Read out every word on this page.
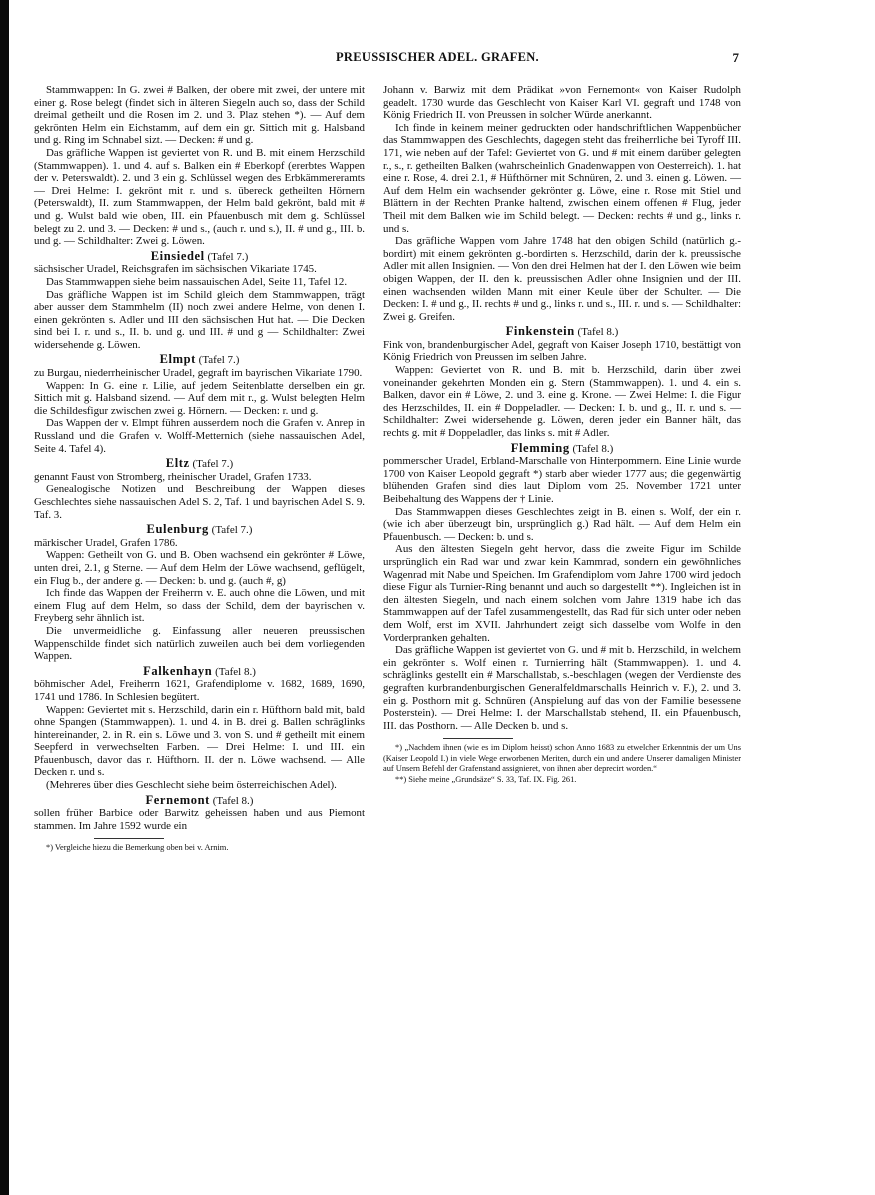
PREUSSISCHER ADEL. GRAFEN.	7

Stammwappen: In G. zwei # Balken, der obere mit zwei, der untere mit einer g. Rose belegt (findet sich in älteren Siegeln auch so, dass der Schild dreimal getheilt und die Rosen im 2. und 3. Plaz stehen *). — Auf dem gekrönten Helm ein Eichstamm, auf dem ein gr. Sittich mit g. Halsband und g. Ring im Schnabel sizt. — Decken: # und g.

Das gräfliche Wappen ist geviertet von R. und B. mit einem Herzschild (Stammwappen). 1. und 4. auf s. Balken ein # Eberkopf (ererbtes Wappen der v. Peterswaldt). 2. und 3 ein g. Schlüssel wegen des Erbkämmereramts — Drei Helme: I. gekrönt mit r. und s. übereck getheilten Hörnern (Peterswaldt), II. zum Stammwappen, der Helm bald gekrönt, bald mit # und g. Wulst bald wie oben, III. ein Pfauenbusch mit dem g. Schlüssel belegt zu 2. und 3. — Decken: # und s., (auch r. und s.), II. # und g., III. b. und g. — Schildhalter: Zwei g. Löwen.

Einsiedel (Tafel 7.)

sächsischer Uradel, Reichsgrafen im sächsischen Vikariate 1745.

Das Stammwappen siehe beim nassauischen Adel, Seite 11, Tafel 12.

Das gräfliche Wappen ist im Schild gleich dem Stammwappen, trägt aber ausser dem Stammhelm (II) noch zwei andere Helme, von denen I. einen gekrönten s. Adler und III den sächsischen Hut hat. — Die Decken sind bei I. r. und s., II. b. und g. und III. # und g — Schildhalter: Zwei widersehende g. Löwen.

Elmpt (Tafel 7.)

zu Burgau, niederrheinischer Uradel, gegraft im bayrischen Vikariate 1790.

Wappen: In G. eine r. Lilie, auf jedem Seitenblatte derselben ein gr. Sittich mit g. Halsband sizend. — Auf dem mit r., g. Wulst belegten Helm die Schildesfigur zwischen zwei g. Hörnern. — Decken: r. und g.

Das Wappen der v. Elmpt führen ausserdem noch die Grafen v. Anrep in Russland und die Grafen v. Wolff-Metternich (siehe nassauischen Adel, Seite 4. Tafel 4).

Eltz (Tafel 7.)

genannt Faust von Stromberg, rheinischer Uradel, Grafen 1733.

Genealogische Notizen und Beschreibung der Wappen dieses Geschlechtes siehe nassauischen Adel S. 2, Taf. 1 und bayrischen Adel S. 9. Taf. 3.

Eulenburg (Tafel 7.)

märkischer Uradel, Grafen 1786.

Wappen: Getheilt von G. und B. Oben wachsend ein gekrönter # Löwe, unten drei, 2.1, g Sterne. — Auf dem Helm der Löwe wachsend, geflügelt, ein Flug b., der andere g. — Decken: b. und g. (auch #, g)

Ich finde das Wappen der Freiherrn v. E. auch ohne die Löwen, und mit einem Flug auf dem Helm, so dass der Schild, dem der bayrischen v. Freyberg sehr ähnlich ist.

Die unvermeidliche g. Einfassung aller neueren preussischen Wappenschilde findet sich natürlich zuweilen auch bei dem vorliegenden Wappen.

Falkenhayn (Tafel 8.)

böhmischer Adel, Freiherrn 1621, Grafendiplome v. 1682, 1689, 1690, 1741 und 1786. In Schlesien begütert.

Wappen: Geviertet mit s. Herzschild, darin ein r. Hüfthorn bald mit, bald ohne Spangen (Stammwappen). 1. und 4. in B. drei g. Ballen schräglinks hintereinander, 2. in R. ein s. Löwe und 3. von S. und # getheilt mit einem Seepferd in verwechselten Farben. — Drei Helme: I. und III. ein Pfauenbusch, davor das r. Hüfthorn. II. der n. Löwe wachsend. — Alle Decken r. und s.

(Mehreres über dies Geschlecht siehe beim österreichischen Adel).

Fernemont (Tafel 8.)

sollen früher Barbice oder Barwitz geheissen haben und aus Piemont stammen. Im Jahre 1592 wurde ein

*) Vergleiche hiezu die Bemerkung oben bei v. Arnim.

Johann v. Barwiz mit dem Prädikat »von Fernemont« von Kaiser Rudolph geadelt. 1730 wurde das Geschlecht von Kaiser Karl VI. gegraft und 1748 von König Friedrich II. von Preussen in solcher Würde anerkannt.

Ich finde in keinem meiner gedruckten oder handschriftlichen Wappenbücher das Stammwappen des Geschlechts, dagegen steht das freiherrliche bei Tyroff III. 171, wie neben auf der Tafel: Geviertet von G. und # mit einem darüber gelegten r., s., r. getheilten Balken (wahrscheinlich Gnadenwappen von Oesterreich). 1. hat eine r. Rose, 4. drei 2.1, # Hüfthörner mit Schnüren, 2. und 3. einen g. Löwen. — Auf dem Helm ein wachsender gekrönter g. Löwe, eine r. Rose mit Stiel und Blättern in der Rechten Pranke haltend, zwischen einem offenen # Flug, jeder Theil mit dem Balken wie im Schild belegt. — Decken: rechts # und g., links r. und s.

Das gräfliche Wappen vom Jahre 1748 hat den obigen Schild (natürlich g.-bordirt) mit einem gekrönten g.-bordirten s. Herzschild, darin der k. preussische Adler mit allen Insignien. — Von den drei Helmen hat der I. den Löwen wie beim obigen Wappen, der II. den k. preussischen Adler ohne Insignien und der III. einen wachsenden wilden Mann mit einer Keule über der Schulter. — Die Decken: I. # und g., II. rechts # und g., links r. und s., III. r. und s. — Schildhalter: Zwei g. Greifen.

Finkenstein (Tafel 8.)

Fink von, brandenburgischer Adel, gegraft von Kaiser Joseph 1710, bestättigt von König Friedrich von Preussen im selben Jahre.

Wappen: Geviertet von R. und B. mit b. Herzschild, darin über zwei voneinander gekehrten Monden ein g. Stern (Stammwappen). 1. und 4. ein s. Balken, davor ein # Löwe, 2. und 3. eine g. Krone. — Zwei Helme: I. die Figur des Herzschildes, II. ein # Doppeladler. — Decken: I. b. und g., II. r. und s. — Schildhalter: Zwei widersehende g. Löwen, deren jeder ein Banner hält, das rechts g. mit # Doppeladler, das links s. mit # Adler.

Flemming (Tafel 8.)

pommerscher Uradel, Erbland-Marschalle von Hinterpommern. Eine Linie wurde 1700 von Kaiser Leopold gegraft *) starb aber wieder 1777 aus; die gegenwärtig blühenden Grafen sind dies laut Diplom vom 25. November 1721 unter Beibehaltung des Wappens der † Linie.

Das Stammwappen dieses Geschlechtes zeigt in B. einen s. Wolf, der ein r. (wie ich aber überzeugt bin, ursprünglich g.) Rad hält. — Auf dem Helm ein Pfauenbusch. — Decken: b. und s.

Aus den ältesten Siegeln geht hervor, dass die zweite Figur im Schilde ursprünglich ein Rad war und zwar kein Kammrad, sondern ein gewöhnliches Wagenrad mit Nabe und Speichen. Im Grafendiplom vom Jahre 1700 wird jedoch diese Figur als Turnier-Ring benannt und auch so dargestellt **). Ingleichen ist in den ältesten Siegeln, und nach einem solchen vom Jahre 1319 habe ich das Stammwappen auf der Tafel zusammengestellt, das Rad für sich unter oder neben dem Wolf, erst im XVII. Jahrhundert zeigt sich dasselbe vom Wolfe in den Vorderpranken gehalten.

Das gräfliche Wappen ist geviertet von G. und # mit b. Herzschild, in welchem ein gekrönter s. Wolf einen r. Turnierring hält (Stammwappen). 1. und 4. schräglinks gestellt ein # Marschallstab, s.-beschlagen (wegen der Verdienste des gegraften kurbrandenburgischen Generalfeldmarschalls Heinrich v. F.), 2. und 3. ein g. Posthorn mit g. Schnüren (Anspielung auf das von der Familie besessene Posterstein). — Drei Helme: I. der Marschallstab stehend, II. ein Pfauenbusch, III. das Posthorn. — Alle Decken b. und s.

*) „Nachdem ihnen (wie es im Diplom heisst) schon Anno 1683 zu etwelcher Erkenntnis der um Uns (Kaiser Leopold I.) in viele Wege erworbenen Meriten, durch ein und andere Unserer damaligen Minister auf Unsern Befehl der Grafenstand assignieret, von ihnen aber deprecirt worden.“

**) Siehe meine „Grundsäze“ S. 33, Taf. IX. Fig. 261.
